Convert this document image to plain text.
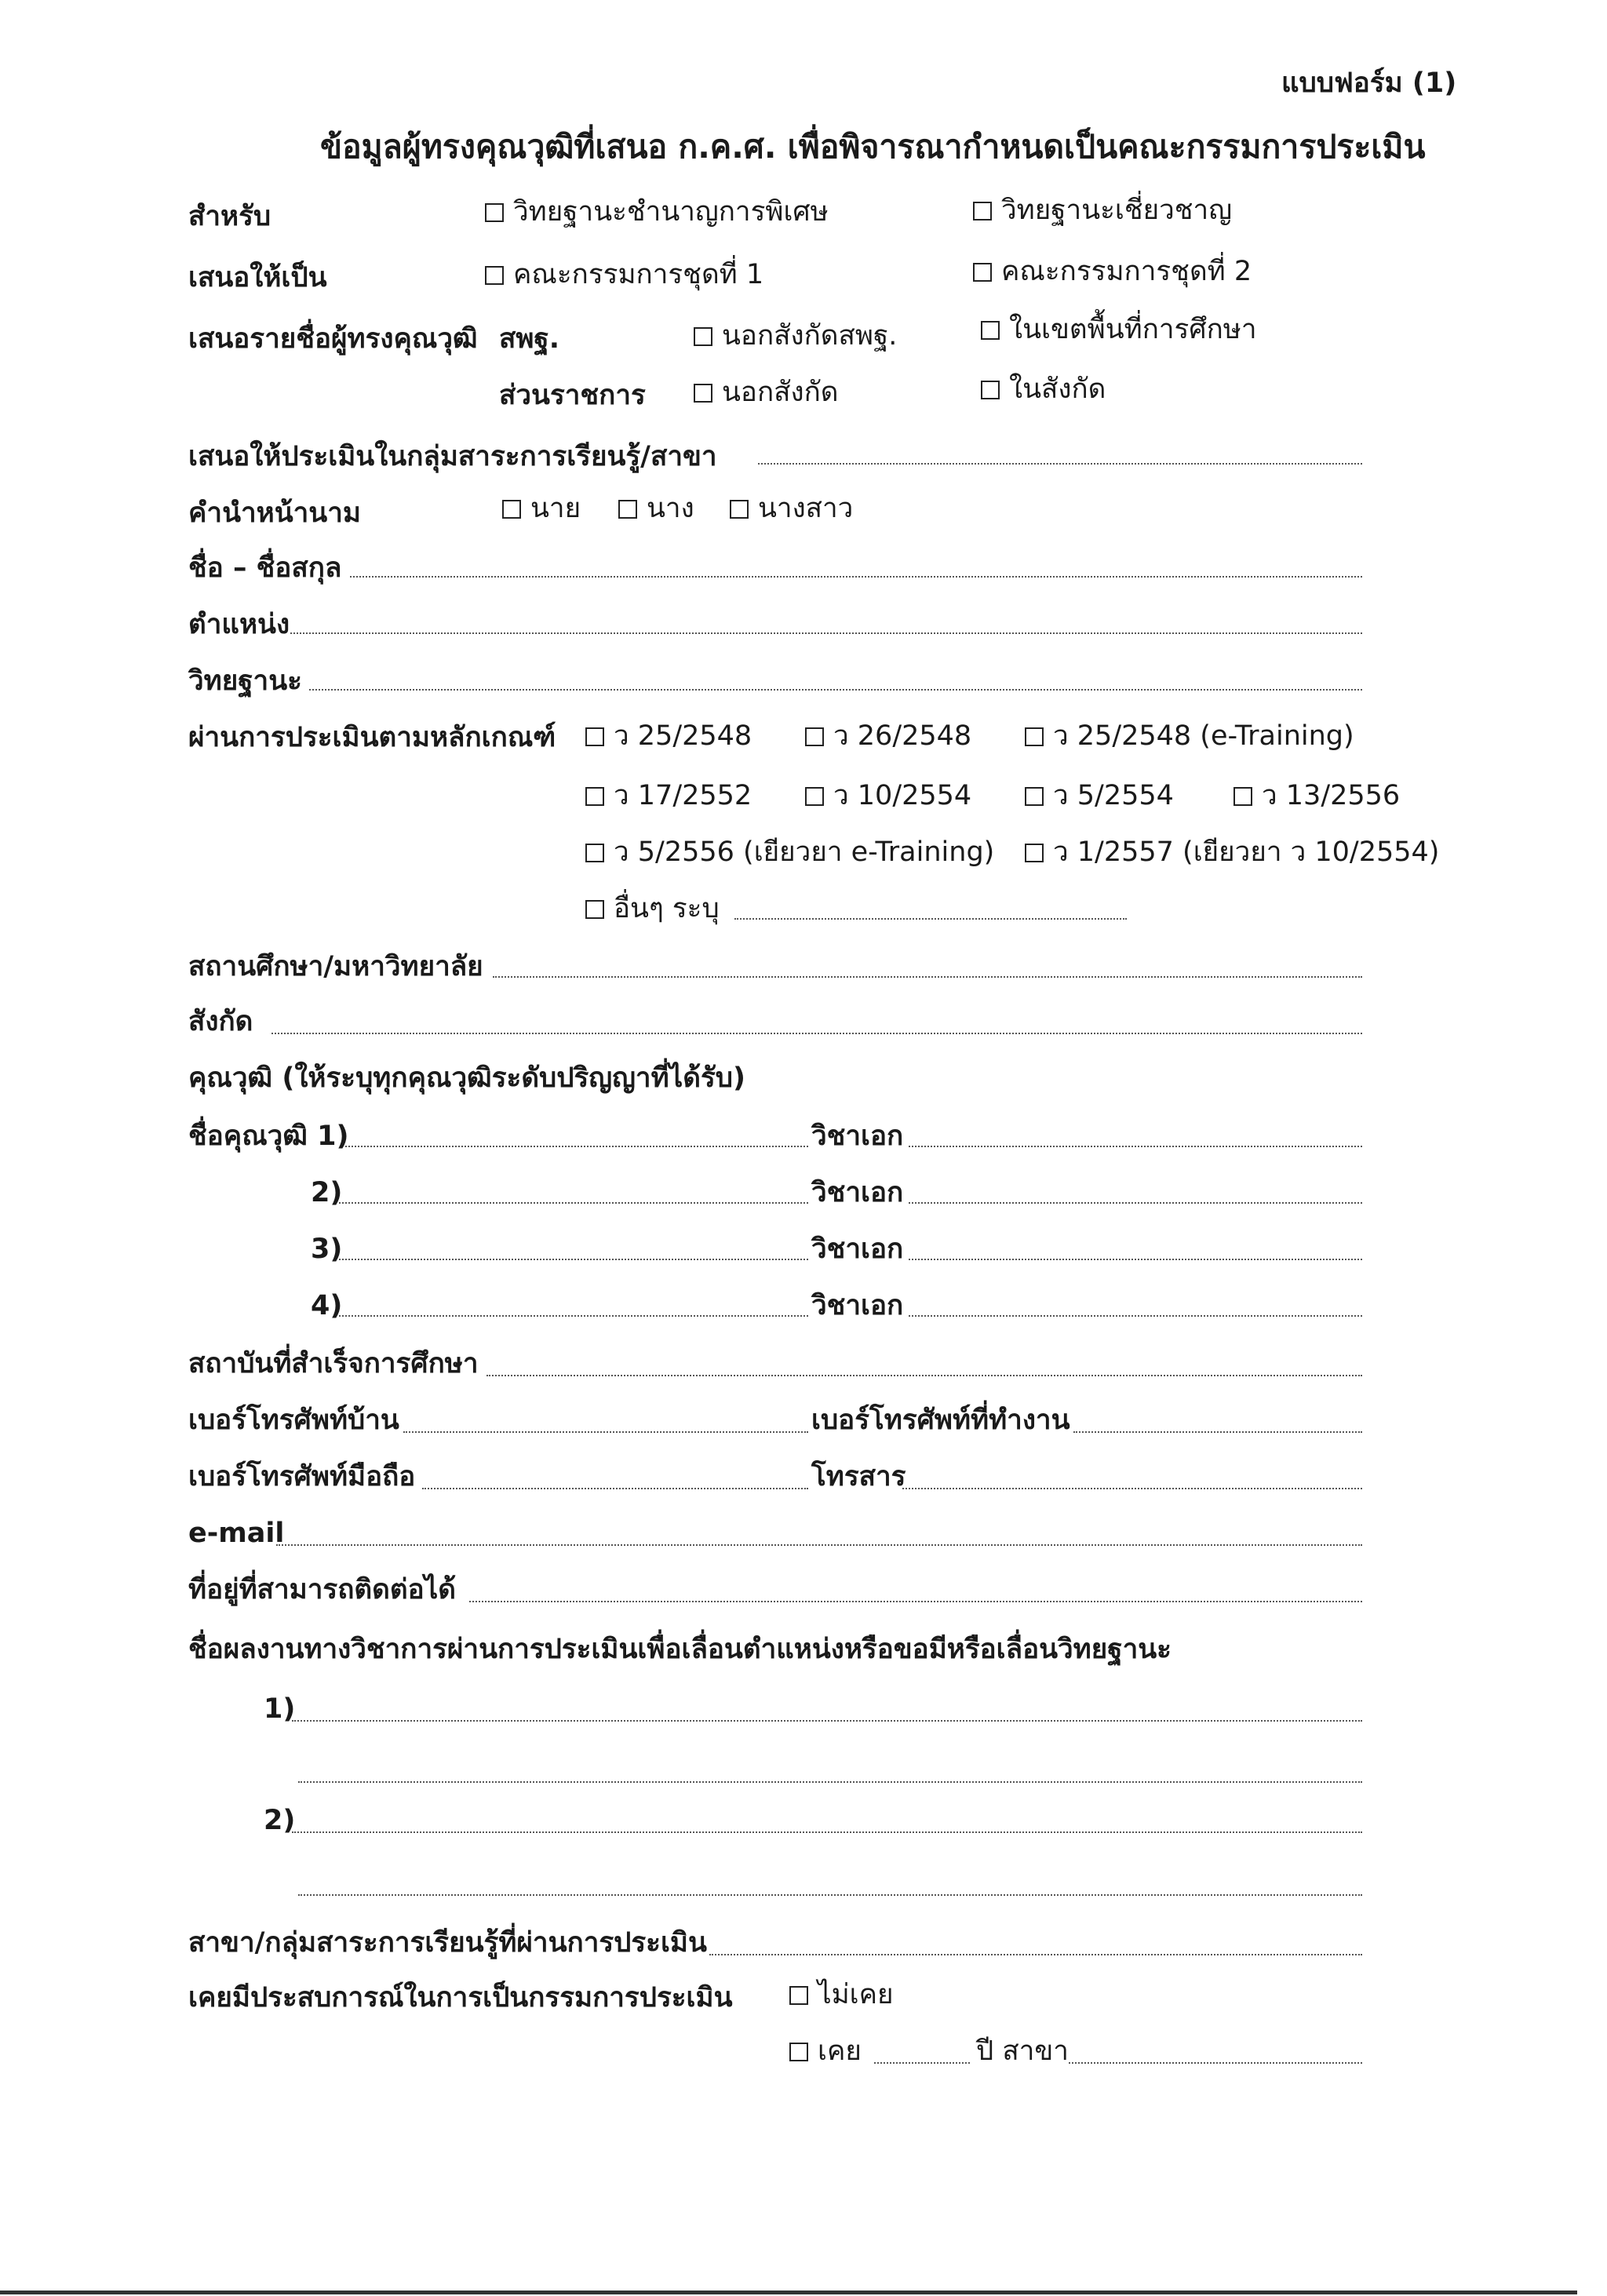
แบบฟอร์ม (1)
ข้อมูลผู้ทรงคุณวุฒิที่เสนอ ก.ค.ศ. เพื่อพิจารณากำหนดเป็นคณะกรรมการประเมิน
สำหรับ	วิทยฐานะชำนาญการพิเศษ	วิทยฐานะเชี่ยวชาญ
เสนอให้เป็น	คณะกรรมการชุดที่ 1	คณะกรรมการชุดที่ 2
เสนอรายชื่อผู้ทรงคุณวุฒิ สพฐ.	นอกสังกัดสพฐ.	ในเขตพื้นที่การศึกษา
ส่วนราชการ	นอกสังกัด	ในสังกัด
เสนอให้ประเมินในกลุ่มสาระการเรียนรู้/สาขา
คำนำหน้านาม	นาย	นาง	นางสาว
ชื่อ – ชื่อสกุล
ตำแหน่ง
วิทยฐานะ
ผ่านการประเมินตามหลักเกณฑ์	ว 25/2548	ว 26/2548	ว 25/2548 (e-Training)
ว 17/2552	ว 10/2554	ว 5/2554	ว 13/2556
ว 5/2556 (เยียวยา e-Training)	ว 1/2557 (เยียวยา ว 10/2554)
อื่นๆ ระบุ
สถานศึกษา/มหาวิทยาลัย
สังกัด
คุณวุฒิ (ให้ระบุทุกคุณวุฒิระดับปริญญาที่ได้รับ)
ชื่อคุณวุฒิ 1)	วิชาเอก
2)	วิชาเอก
3)	วิชาเอก
4)	วิชาเอก
สถาบันที่สำเร็จการศึกษา
เบอร์โทรศัพท์บ้าน	เบอร์โทรศัพท์ที่ทำงาน
เบอร์โทรศัพท์มือถือ	โทรสาร
e-mail
ที่อยู่ที่สามารถติดต่อได้
ชื่อผลงานทางวิชาการผ่านการประเมินเพื่อเลื่อนตำแหน่งหรือขอมีหรือเลื่อนวิทยฐานะ
1)
2)
สาขา/กลุ่มสาระการเรียนรู้ที่ผ่านการประเมิน
เคยมีประสบการณ์ในการเป็นกรรมการประเมิน	ไม่เคย
เคย	ปี สาขา
